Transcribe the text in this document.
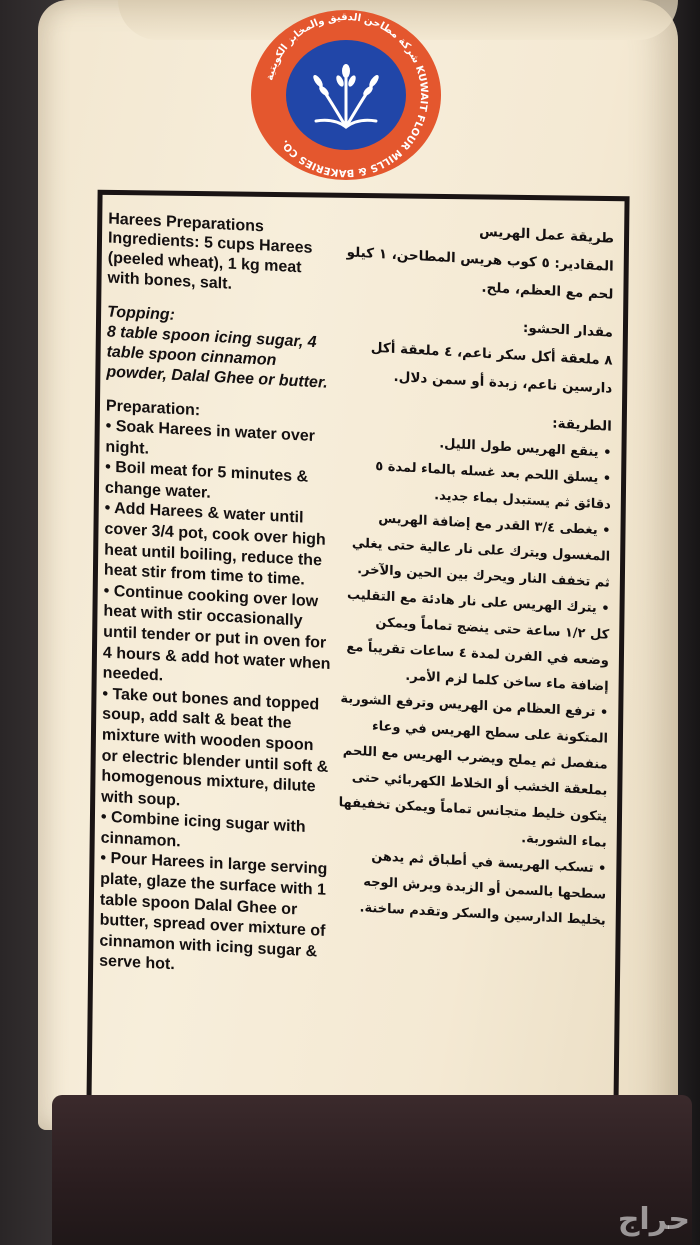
شركة مطاحن الدقيق والمخابز الكويتية KUWAIT FLOUR MILLS & BAKERIES CO.
Harees Preparations
Ingredients: 5 cups Harees (peeled wheat), 1 kg meat with bones, salt.
Topping:
8 table spoon icing sugar, 4 table spoon cinnamon powder, Dalal Ghee or butter.
Preparation:
• Soak Harees in water over night.
• Boil meat for 5 minutes & change water.
• Add Harees & water until cover 3/4 pot, cook over high heat until boiling, reduce the heat stir from time to time.
• Continue cooking over low heat with stir occasionally until tender or put in oven for 4 hours & add hot water when needed.
• Take out bones and topped soup, add salt & beat the mixture with wooden spoon or electric blender until soft & homogenous mixture, dilute with soup.
• Combine icing sugar with cinnamon.
• Pour Harees in large serving plate, glaze the surface with 1 table spoon Dalal Ghee or butter, spread over mixture of cinnamon with icing sugar & serve hot.
طريقة عمل الهريس
المقادير: ٥ كوب هريس المطاحن، ١ كيلو لحم مع العظم، ملح.
مقدار الحشو:
٨ ملعقة أكل سكر ناعم، ٤ ملعقة أكل دارسين ناعم، زبدة أو سمن دلال.
الطريقة:
• ينقع الهريس طول الليل.
• يسلق اللحم بعد غسله بالماء لمدة ٥ دقائق ثم يستبدل بماء جديد.
• يغطى ٣/٤ القدر مع إضافة الهريس المغسول ويترك على نار عالية حتى يغلي ثم تخفف النار ويحرك بين الحين والآخر.
• يترك الهريس على نار هادئة مع التقليب كل ١/٢ ساعة حتى ينضج تماماً ويمكن وضعه في الفرن لمدة ٤ ساعات تقريباً مع إضافة ماء ساخن كلما لزم الأمر.
• ترفع العظام من الهريس وترفع الشوربة المتكونة على سطح الهريس في وعاء منفصل ثم يملح ويضرب الهريس مع اللحم بملعقة الخشب أو الخلاط الكهربائي حتى يتكون خليط متجانس تماماً ويمكن تخفيفها بماء الشوربة.
• تسكب الهريسة في أطباق ثم يدهن سطحها بالسمن أو الزبدة ويرش الوجه بخليط الدارسين والسكر وتقدم ساخنة.
حراج
